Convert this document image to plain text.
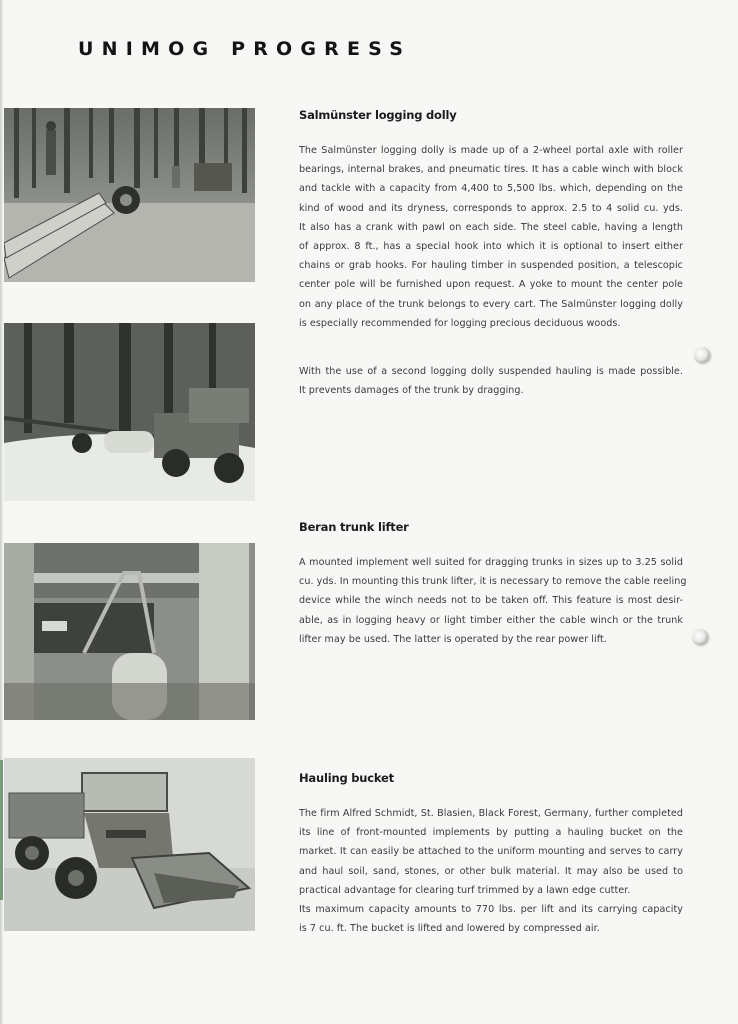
UNIMOG PROGRESS
Salmünster logging dolly

The Salmünster logging dolly is made up of a 2-wheel portal axle with roller
bearings, internal brakes, and pneumatic tires. It has a cable winch with block
and tackle with a capacity from 4,400 to 5,500 lbs. which, depending on the
kind of wood and its dryness, corresponds to approx. 2.5 to 4 solid cu. yds.
It also has a crank with pawl on each side. The steel cable, having a length
of approx. 8 ft., has a special hook into which it is optional to insert either
chains or grab hooks. For hauling timber in suspended position, a telescopic
center pole will be furnished upon request. A yoke to mount the center pole
on any place of the trunk belongs to every cart. The Salmünster logging dolly
is especially recommended for logging precious deciduous woods.

With the use of a second logging dolly suspended hauling is made possible.
It prevents damages of the trunk by dragging.

Beran trunk lifter

A mounted implement well suited for dragging trunks in sizes up to 3.25 solid
cu. yds. In mounting this trunk lifter, it is necessary to remove the cable reeling
device while the winch needs not to be taken off. This feature is most desir-
able, as in logging heavy or light timber either the cable winch or the trunk
lifter may be used. The latter is operated by the rear power lift.

Hauling bucket

The firm Alfred Schmidt, St. Blasien, Black Forest, Germany, further completed
its line of front-mounted implements by putting a hauling bucket on the
market. It can easily be attached to the uniform mounting and serves to carry
and haul soil, sand, stones, or other bulk material. It may also be used to
practical advantage for clearing turf trimmed by a lawn edge cutter.
Its maximum capacity amounts to 770 lbs. per lift and its carrying capacity
is 7 cu. ft. The bucket is lifted and lowered by compressed air.
